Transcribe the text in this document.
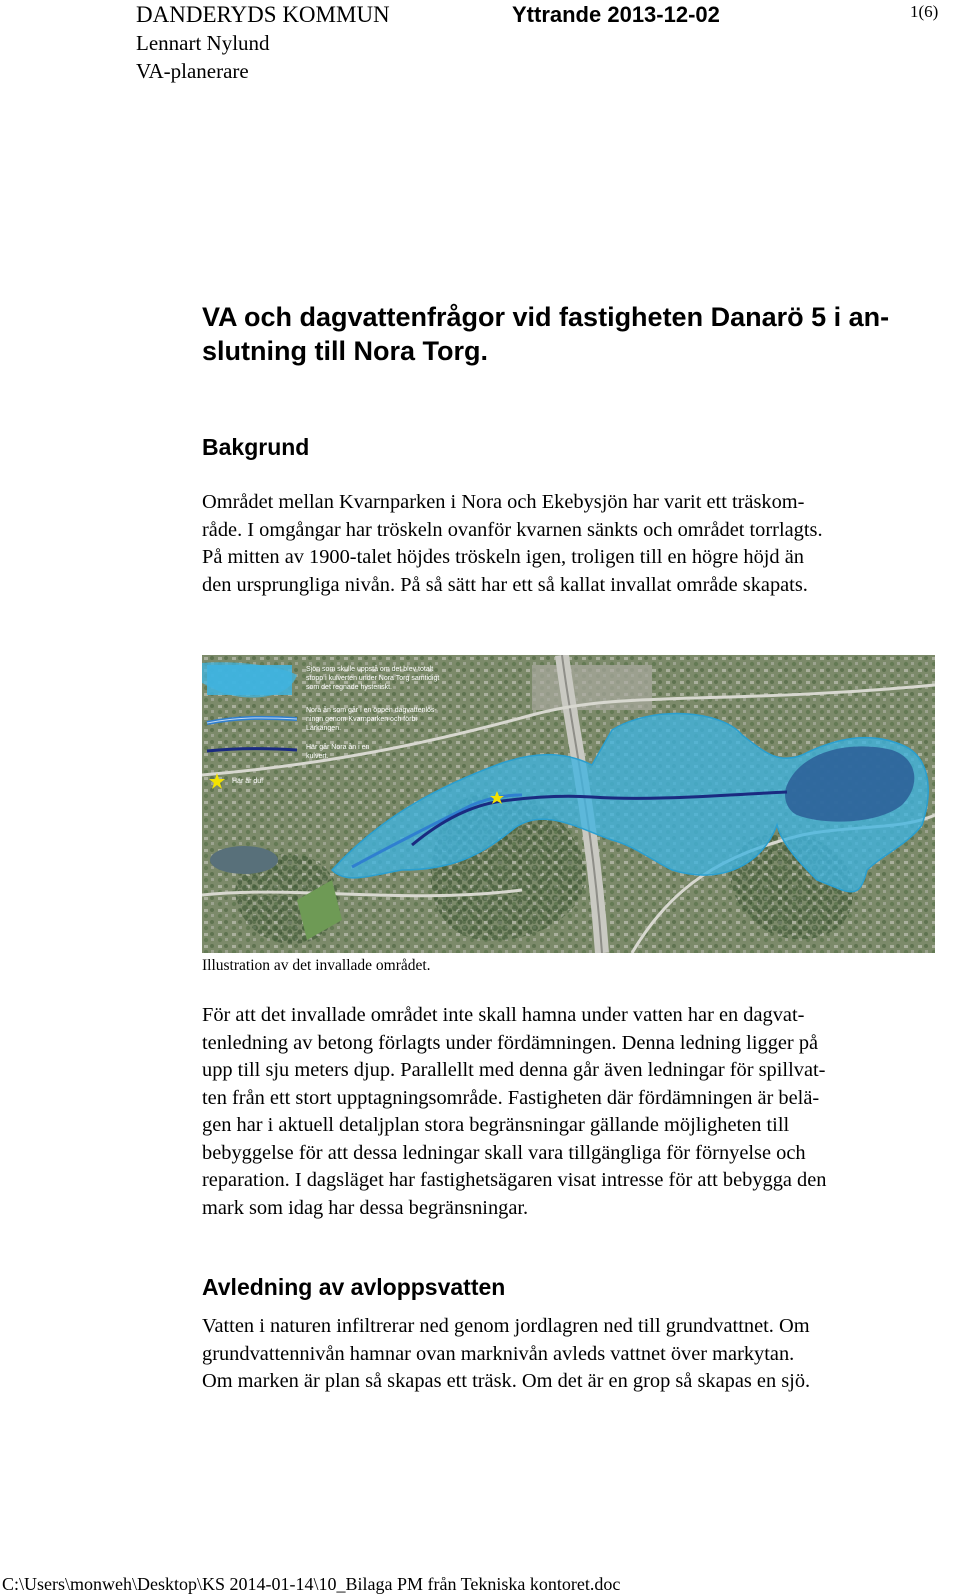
DANDERYDS KOMMUN
Lennart Nylund
VA-planerare
Yttrande 2013-12-02	1(6)
VA och dagvattenfrågor vid fastigheten Danarö 5 i an-
slutning till Nora Torg.
Bakgrund
Området mellan Kvarnparken i Nora och Ekebysjön har varit ett träskom-
råde. I omgångar har tröskeln ovanför kvarnen sänkts och området torrlagts.
På mitten av 1900-talet höjdes tröskeln igen, troligen till en högre höjd än
den ursprungliga nivån. På så sätt har ett så kallat invallat område skapats.
Sjön som skulle uppstå om det blev totalt stopp i kulverten under Nora Torg samtidigt som det regnade hysteriskt.
Nora ån som går i en öppen dagvattenlös- ningn genom Kvarnparken och förbi Lärkängen.
Här går Nora ån i en kulvert.
Här är du!
Illustration av det invallade området.
För att det invallade området inte skall hamna under vatten har en dagvat-
tenledning av betong förlagts under fördämningen. Denna ledning ligger på
upp till sju meters djup. Parallellt med denna går även ledningar för spillvat-
ten från ett stort upptagningsområde. Fastigheten där fördämningen är belä-
gen har i aktuell detaljplan stora begränsningar gällande möjligheten till
bebyggelse för att dessa ledningar skall vara tillgängliga för förnyelse och
reparation. I dagsläget har fastighetsägaren visat intresse för att bebygga den
mark som idag har dessa begränsningar.
Avledning av avloppsvatten
Vatten i naturen infiltrerar ned genom jordlagren ned till grundvattnet. Om
grundvattennivån hamnar ovan marknivån avleds vattnet över markytan.
Om marken är plan så skapas ett träsk. Om det är en grop så skapas en sjö.
C:\Users\monweh\Desktop\KS 2014-01-14\10_Bilaga PM från Tekniska kontoret.doc
